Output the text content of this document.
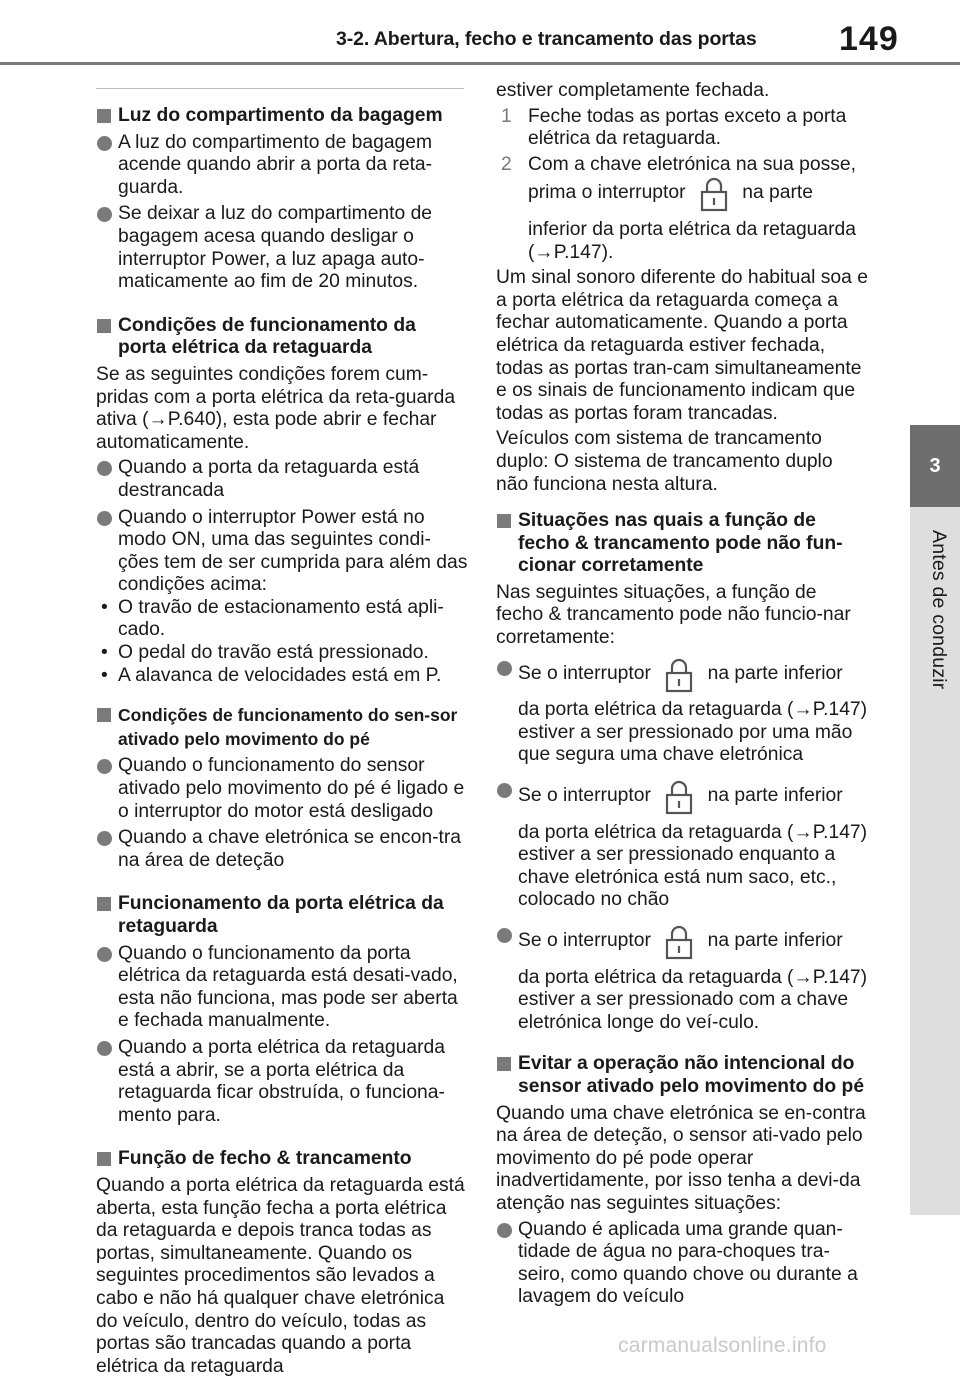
3-2. Abertura, fecho e trancamento das portas 149
3
Antes de conduzir
Luz do compartimento da bagagem
A luz do compartimento de bagagem acende quando abrir a porta da reta-guarda.
Se deixar a luz do compartimento de bagagem acesa quando desligar o interruptor Power, a luz apaga auto-maticamente ao fim de 20 minutos.
Condições de funcionamento da porta elétrica da retaguarda
Se as seguintes condições forem cum-pridas com a porta elétrica da reta-guarda ativa (→P.640), esta pode abrir e fechar automaticamente.
Quando a porta da retaguarda está destrancada
Quando o interruptor Power está no modo ON, uma das seguintes condi-ções tem de ser cumprida para além das condições acima:
• O travão de estacionamento está apli-cado.
• O pedal do travão está pressionado.
• A alavanca de velocidades está em P.
Condições de funcionamento do sen-sor ativado pelo movimento do pé
Quando o funcionamento do sensor ativado pelo movimento do pé é ligado e o interruptor do motor está desligado
Quando a chave eletrónica se encon-tra na área de deteção
Funcionamento da porta elétrica da retaguarda
Quando o funcionamento da porta elétrica da retaguarda está desati-vado, esta não funciona, mas pode ser aberta e fechada manualmente.
Quando a porta elétrica da retaguarda está a abrir, se a porta elétrica da retaguarda ficar obstruída, o funciona-mento para.
Função de fecho & trancamento
Quando a porta elétrica da retaguarda está aberta, esta função fecha a porta elétrica da retaguarda e depois tranca todas as portas, simultaneamente. Quando os seguintes procedimentos são levados a cabo e não há qualquer chave eletrónica do veículo, dentro do veículo, todas as portas são trancadas quando a porta elétrica da retaguarda
estiver completamente fechada.
1 Feche todas as portas exceto a porta elétrica da retaguarda.
2 Com a chave eletrónica na sua posse, prima o interruptor	na parte inferior da porta elétrica da retaguarda (→P.147).
Um sinal sonoro diferente do habitual soa e a porta elétrica da retaguarda começa a fechar automaticamente. Quando a porta elétrica da retaguarda estiver fechada, todas as portas tran-cam simultaneamente e os sinais de funcionamento indicam que todas as portas foram trancadas.
Veículos com sistema de trancamento duplo: O sistema de trancamento duplo não funciona nesta altura.
Situações nas quais a função de fecho & trancamento pode não fun-cionar corretamente
Nas seguintes situações, a função de fecho & trancamento pode não funcio-nar corretamente:
Se o interruptor	na parte inferior da porta elétrica da retaguarda (→P.147) estiver a ser pressionado por uma mão que segura uma chave eletrónica
Se o interruptor	na parte inferior da porta elétrica da retaguarda (→P.147) estiver a ser pressionado enquanto a chave eletrónica está num saco, etc., colocado no chão
Se o interruptor	na parte inferior da porta elétrica da retaguarda (→P.147) estiver a ser pressionado com a chave eletrónica longe do veí-culo.
Evitar a operação não intencional do sensor ativado pelo movimento do pé
Quando uma chave eletrónica se en-contra na área de deteção, o sensor ati-vado pelo movimento do pé pode operar inadvertidamente, por isso tenha a devi-da atenção nas seguintes situações:
Quando é aplicada uma grande quan-tidade de água no para-choques tra-seiro, como quando chove ou durante a lavagem do veículo
carmanualsonline.info
